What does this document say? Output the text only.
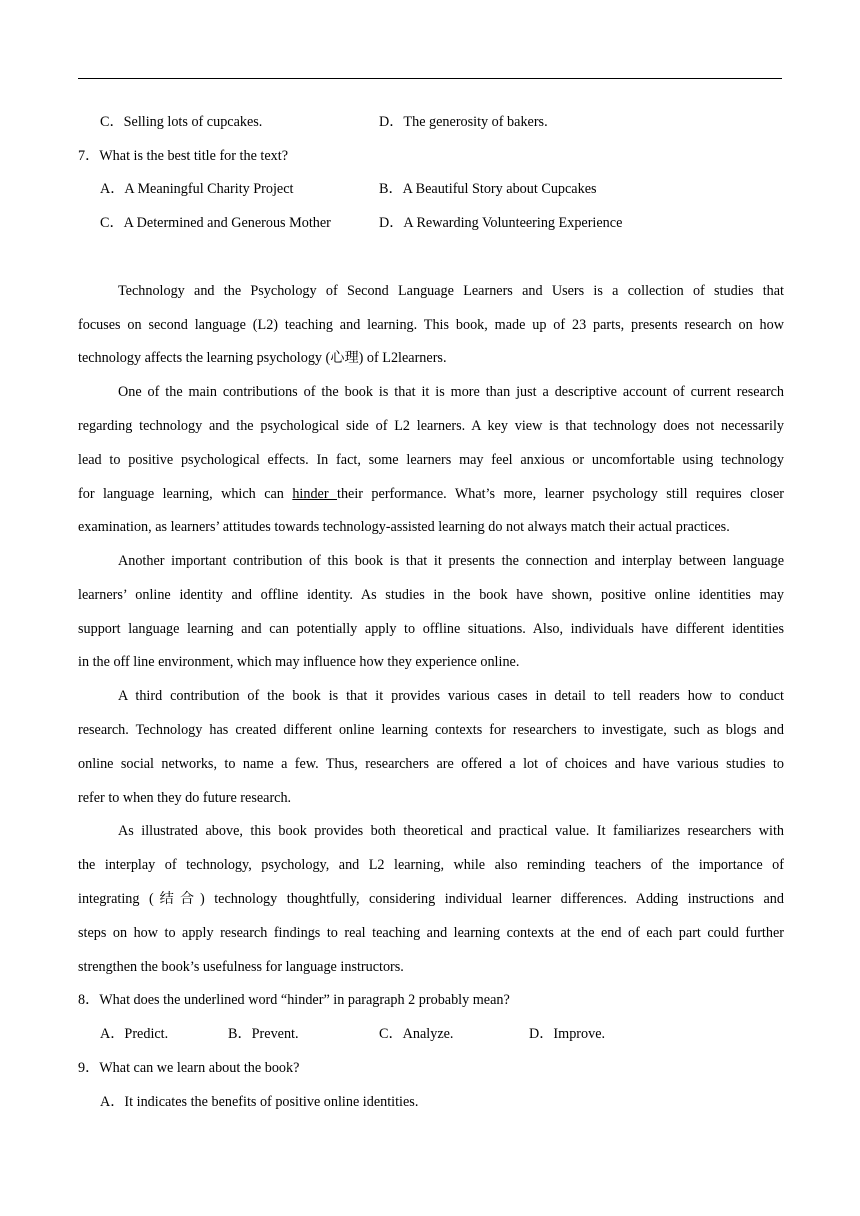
C．Selling lots of cupcakes.	D．The generosity of bakers.
7．What is the best title for the text?
A．A Meaningful Charity Project	B．A Beautiful Story about Cupcakes
C．A Determined and Generous Mother	D．A Rewarding Volunteering Experience
Technology and the Psychology of Second Language Learners and Users is a collection of studies that
focuses on second language (L2) teaching and learning. This book, made up of 23 parts, presents research on how
technology affects the learning psychology (心理) of L2learners.
One of the main contributions of the book is that it is more than just a descriptive account of current research
regarding technology and the psychological side of L2 learners. A key view is that technology does not necessarily
lead to positive psychological effects. In fact, some learners may feel anxious or uncomfortable using technology
for language learning, which can hinder their performance. What’s more, learner psychology still requires closer
examination, as learners’ attitudes towards technology-assisted learning do not always match their actual practices.
Another important contribution of this book is that it presents the connection and interplay between language
learners’ online identity and offline identity. As studies in the book have shown, positive online identities may
support language learning and can potentially apply to offline situations. Also, individuals have different identities
in the off line environment, which may influence how they experience online.
A third contribution of the book is that it provides various cases in detail to tell readers how to conduct
research. Technology has created different online learning contexts for researchers to investigate, such as blogs and
online social networks, to name a few. Thus, researchers are offered a lot of choices and have various studies to
refer to when they do future research.
As illustrated above, this book provides both theoretical and practical value. It familiarizes researchers with
the interplay of technology, psychology, and L2 learning, while also reminding teachers of the importance of
integrating (结合) technology thoughtfully, considering individual learner differences. Adding instructions and
steps on how to apply research findings to real teaching and learning contexts at the end of each part could further
strengthen the book’s usefulness for language instructors.
8．What does the underlined word “hinder” in paragraph 2 probably mean?
A．Predict.	B．Prevent.	C．Analyze.	D．Improve.
9．What can we learn about the book?
A．It indicates the benefits of positive online identities.
